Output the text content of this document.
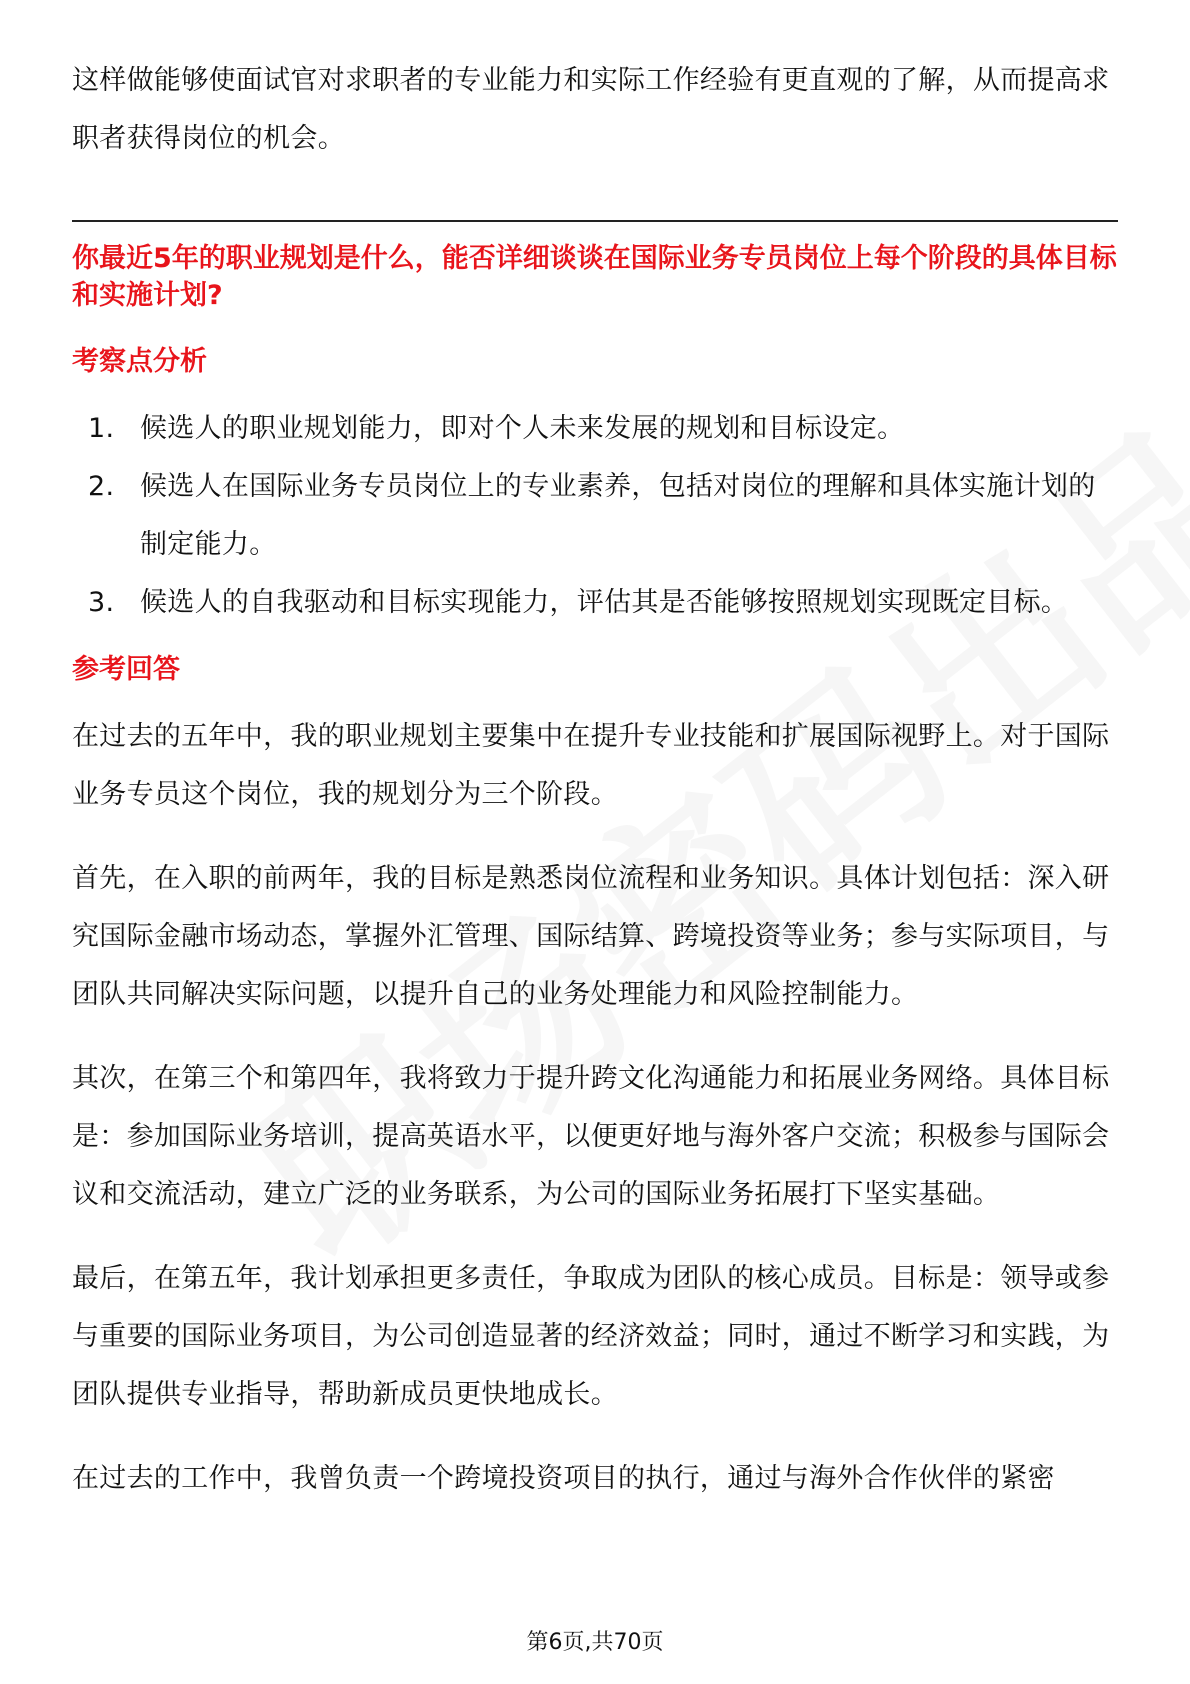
这样做能够使面试官对求职者的专业能力和实际工作经验有更直观的了解，从而提高求职者获得岗位的机会。

你最近5年的职业规划是什么，能否详细谈谈在国际业务专员岗位上每个阶段的具体目标和实施计划?

考察点分析
1. 候选人的职业规划能力，即对个人未来发展的规划和目标设定。
2. 候选人在国际业务专员岗位上的专业素养，包括对岗位的理解和具体实施计划的制定能力。
3. 候选人的自我驱动和目标实现能力，评估其是否能够按照规划实现既定目标。
参考回答

在过去的五年中，我的职业规划主要集中在提升专业技能和扩展国际视野上。对于国际业务专员这个岗位，我的规划分为三个阶段。

首先，在入职的前两年，我的目标是熟悉岗位流程和业务知识。具体计划包括：深入研究国际金融市场动态，掌握外汇管理、国际结算、跨境投资等业务；参与实际项目，与团队共同解决实际问题，以提升自己的业务处理能力和风险控制能力。

其次，在第三个和第四年，我将致力于提升跨文化沟通能力和拓展业务网络。具体目标是：参加国际业务培训，提高英语水平，以便更好地与海外客户交流；积极参与国际会议和交流活动，建立广泛的业务联系，为公司的国际业务拓展打下坚实基础。

最后，在第五年，我计划承担更多责任，争取成为团队的核心成员。目标是：领导或参与重要的国际业务项目，为公司创造显著的经济效益；同时，通过不断学习和实践，为团队提供专业指导，帮助新成员更快地成长。

在过去的工作中，我曾负责一个跨境投资项目的执行，通过与海外合作伙伴的紧密

第6页,共70页
